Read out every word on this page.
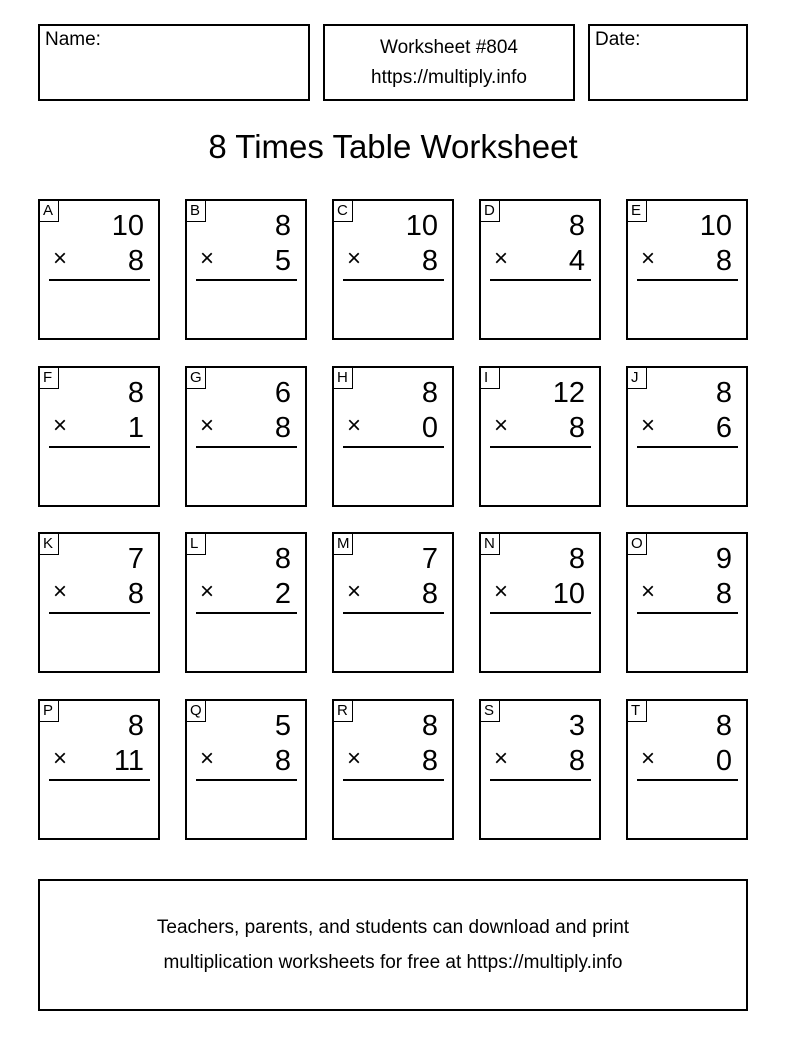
Name:	Worksheet #804
https://multiply.info
Date:
8 Times Table Worksheet
A 10
× 8
B	8
× 5
C 10
× 8
D	8
× 4
E 10
× 8
F	8
× 1
G	6
× 8
H	8
× 0
I	12
× 8
J	8
× 6
K	7
× 8
L	8
× 2
M 7
× 8
N	8
× 10
O	9
× 8
P	8
× 11
Q	5
× 8
R	8
× 8
S	3
× 8
T	8
× 0
Teachers, parents, and students can download and print
multiplication worksheets for free at https://multiply.info
